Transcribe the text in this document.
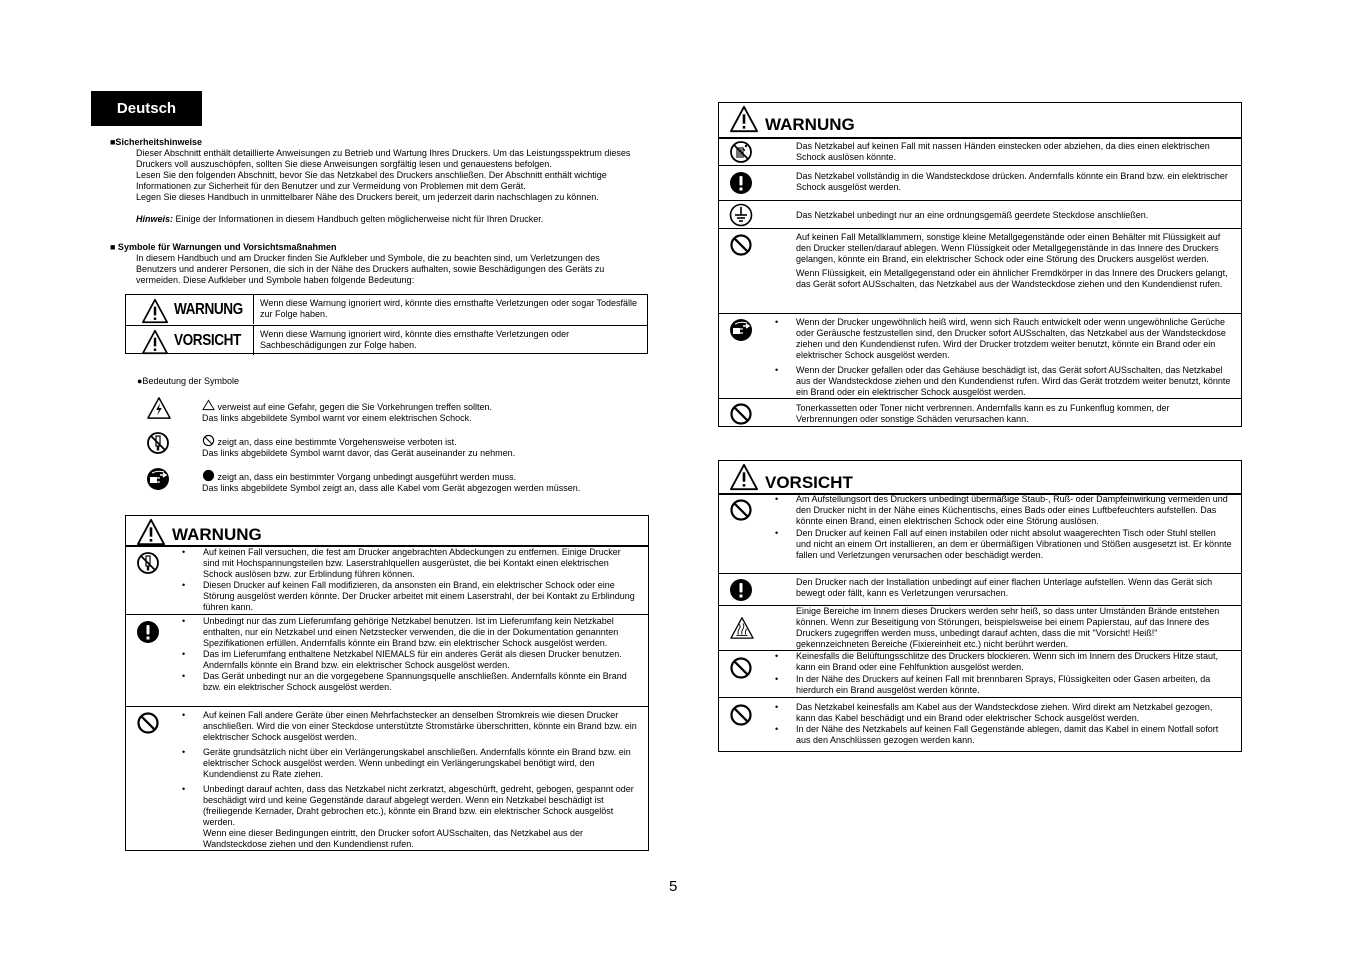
Deutsch
■Sicherheitshinweise

Dieser Abschnitt enthält detaillierte Anweisungen zu Betrieb und Wartung Ihres Druckers. Um das Leistungsspektrum dieses

Druckers voll auszuschöpfen, sollten Sie diese Anweisungen sorgfältig lesen und genauestens befolgen.

Lesen Sie den folgenden Abschnitt, bevor Sie das Netzkabel des Druckers anschließen. Der Abschnitt enthält wichtige

Informationen zur Sicherheit für den Benutzer und zur Vermeidung von Problemen mit dem Gerät.

Legen Sie dieses Handbuch in unmittelbarer Nähe des Druckers bereit, um jederzeit darin nachschlagen zu können.

Hinweis: Einige der Informationen in diesem Handbuch gelten möglicherweise nicht für Ihren Drucker.

■ Symbole für Warnungen und Vorsichtsmaßnahmen

In diesem Handbuch und am Drucker finden Sie Aufkleber und Symbole, die zu beachten sind, um Verletzungen des

Benutzers und anderer Personen, die sich in der Nähe des Druckers aufhalten, sowie Beschädigungen des Geräts zu

vermeiden. Diese Aufkleber und Symbole haben folgende Bedeutung:

WARNUNG Wenn diese Warnung ignoriert wird, könnte dies ernsthafte Verletzungen oder sogar Todesfälle zur Folge haben.
VORSICHT Wenn diese Warnung ignoriert wird, könnte dies ernsthafte Verletzungen oder Sachbeschädigungen zur Folge haben.
●Bedeutung der Symbole
verweist auf eine Gefahr, gegen die Sie Vorkehrungen treffen sollten.
Das links abgebildete Symbol warnt vor einem elektrischen Schock.
zeigt an, dass eine bestimmte Vorgehensweise verboten ist.
Das links abgebildete Symbol warnt davor, das Gerät auseinander zu nehmen.
zeigt an, dass ein bestimmter Vorgang unbedingt ausgeführt werden muss.
Das links abgebildete Symbol zeigt an, dass alle Kabel vom Gerät abgezogen werden müssen.
WARNUNG
• Auf keinen Fall versuchen, die fest am Drucker angebrachten Abdeckungen zu entfernen. Einige Drucker sind mit Hochspannungsteilen bzw. Laserstrahlquellen ausgerüstet, die bei Kontakt einen elektrischen Schock auslösen bzw. zur Erblindung führen können.
• Diesen Drucker auf keinen Fall modifizieren, da ansonsten ein Brand, ein elektrischer Schock oder eine Störung ausgelöst werden könnte. Der Drucker arbeitet mit einem Laserstrahl, der bei Kontakt zu Erblindung führen kann.
• Unbedingt nur das zum Lieferumfang gehörige Netzkabel benutzen. Ist im Lieferumfang kein Netzkabel enthalten, nur ein Netzkabel und einen Netzstecker verwenden, die die in der Dokumentation genannten Spezifikationen erfüllen. Andernfalls könnte ein Brand bzw. ein elektrischer Schock ausgelöst werden.
• Das im Lieferumfang enthaltene Netzkabel NIEMALS für ein anderes Gerät als diesen Drucker benutzen. Andernfalls könnte ein Brand bzw. ein elektrischer Schock ausgelöst werden.
• Das Gerät unbedingt nur an die vorgegebene Spannungsquelle anschließen. Andernfalls könnte ein Brand bzw. ein elektrischer Schock ausgelöst werden.
• Auf keinen Fall andere Geräte über einen Mehrfachstecker an denselben Stromkreis wie diesen Drucker anschließen. Wird die von einer Steckdose unterstützte Stromstärke überschritten, könnte ein Brand bzw. ein elektrischer Schock ausgelöst werden.
• Geräte grundsätzlich nicht über ein Verlängerungskabel anschließen. Andernfalls könnte ein Brand bzw. ein elektrischer Schock ausgelöst werden. Wenn unbedingt ein Verlängerungskabel benötigt wird, den Kundendienst zu Rate ziehen.
• Unbedingt darauf achten, dass das Netzkabel nicht zerkratzt, abgeschürft, gedreht, gebogen, gespannt oder beschädigt wird und keine Gegenstände darauf abgelegt werden. Wenn ein Netzkabel beschädigt ist (freiliegende Kernader, Draht gebrochen etc.), könnte ein Brand bzw. ein elektrischer Schock ausgelöst werden.
Wenn eine dieser Bedingungen eintritt, den Drucker sofort AUSschalten, das Netzkabel aus der Wandsteckdose ziehen und den Kundendienst rufen.
WARNUNG
Das Netzkabel auf keinen Fall mit nassen Händen einstecken oder abziehen, da dies einen elektrischen Schock auslösen könnte.
Das Netzkabel vollständig in die Wandsteckdose drücken. Andernfalls könnte ein Brand bzw. ein elektrischer Schock ausgelöst werden.
Das Netzkabel unbedingt nur an eine ordnungsgemäß geerdete Steckdose anschließen.
Auf keinen Fall Metallklammern, sonstige kleine Metallgegenstände oder einen Behälter mit Flüssigkeit auf den Drucker stellen/darauf ablegen. Wenn Flüssigkeit oder Metallgegenstände in das Innere des Druckers gelangen, könnte ein Brand, ein elektrischer Schock oder eine Störung des Druckers ausgelöst werden.
Wenn Flüssigkeit, ein Metallgegenstand oder ein ähnlicher Fremdkörper in das Innere des Druckers gelangt, das Gerät sofort AUSschalten, das Netzkabel aus der Wandsteckdose ziehen und den Kundendienst rufen.
• Wenn der Drucker ungewöhnlich heiß wird, wenn sich Rauch entwickelt oder wenn ungewöhnliche Gerüche oder Geräusche festzustellen sind, den Drucker sofort AUSschalten, das Netzkabel aus der Wandsteckdose ziehen und den Kundendienst rufen. Wird der Drucker trotzdem weiter benutzt, könnte ein Brand oder ein elektrischer Schock ausgelöst werden.
• Wenn der Drucker gefallen oder das Gehäuse beschädigt ist, das Gerät sofort AUSschalten, das Netzkabel aus der Wandsteckdose ziehen und den Kundendienst rufen. Wird das Gerät trotzdem weiter benutzt, könnte ein Brand oder ein elektrischer Schock ausgelöst werden.
Tonerkassetten oder Toner nicht verbrennen. Andernfalls kann es zu Funkenflug kommen, der Verbrennungen oder sonstige Schäden verursachen kann.
VORSICHT
• Am Aufstellungsort des Druckers unbedingt übermäßige Staub-, Ruß- oder Dampfeinwirkung vermeiden und den Drucker nicht in der Nähe eines Küchentischs, eines Bads oder eines Luftbefeuchters aufstellen. Das könnte einen Brand, einen elektrischen Schock oder eine Störung auslösen.
• Den Drucker auf keinen Fall auf einen instabilen oder nicht absolut waagerechten Tisch oder Stuhl stellen und nicht an einem Ort installieren, an dem er übermäßigen Vibrationen und Stößen ausgesetzt ist. Er könnte fallen und Verletzungen verursachen oder beschädigt werden.
Den Drucker nach der Installation unbedingt auf einer flachen Unterlage aufstellen. Wenn das Gerät sich bewegt oder fällt, kann es Verletzungen verursachen.
Einige Bereiche im Innern dieses Druckers werden sehr heiß, so dass unter Umständen Brände entstehen können. Wenn zur Beseitigung von Störungen, beispielsweise bei einem Papierstau, auf das Innere des Druckers zugegriffen werden muss, unbedingt darauf achten, dass die mit "Vorsicht! Heiß!" gekennzeichneten Bereiche (Fixiereinheit etc.) nicht berührt werden.
• Keinesfalls die Belüftungsschlitze des Druckers blockieren. Wenn sich im Innern des Druckers Hitze staut, kann ein Brand oder eine Fehlfunktion ausgelöst werden.
• In der Nähe des Druckers auf keinen Fall mit brennbaren Sprays, Flüssigkeiten oder Gasen arbeiten, da hierdurch ein Brand ausgelöst werden könnte.
• Das Netzkabel keinesfalls am Kabel aus der Wandsteckdose ziehen. Wird direkt am Netzkabel gezogen, kann das Kabel beschädigt und ein Brand oder elektrischer Schock ausgelöst werden.
• In der Nähe des Netzkabels auf keinen Fall Gegenstände ablegen, damit das Kabel in einem Notfall sofort aus den Anschlüssen gezogen werden kann.
5
